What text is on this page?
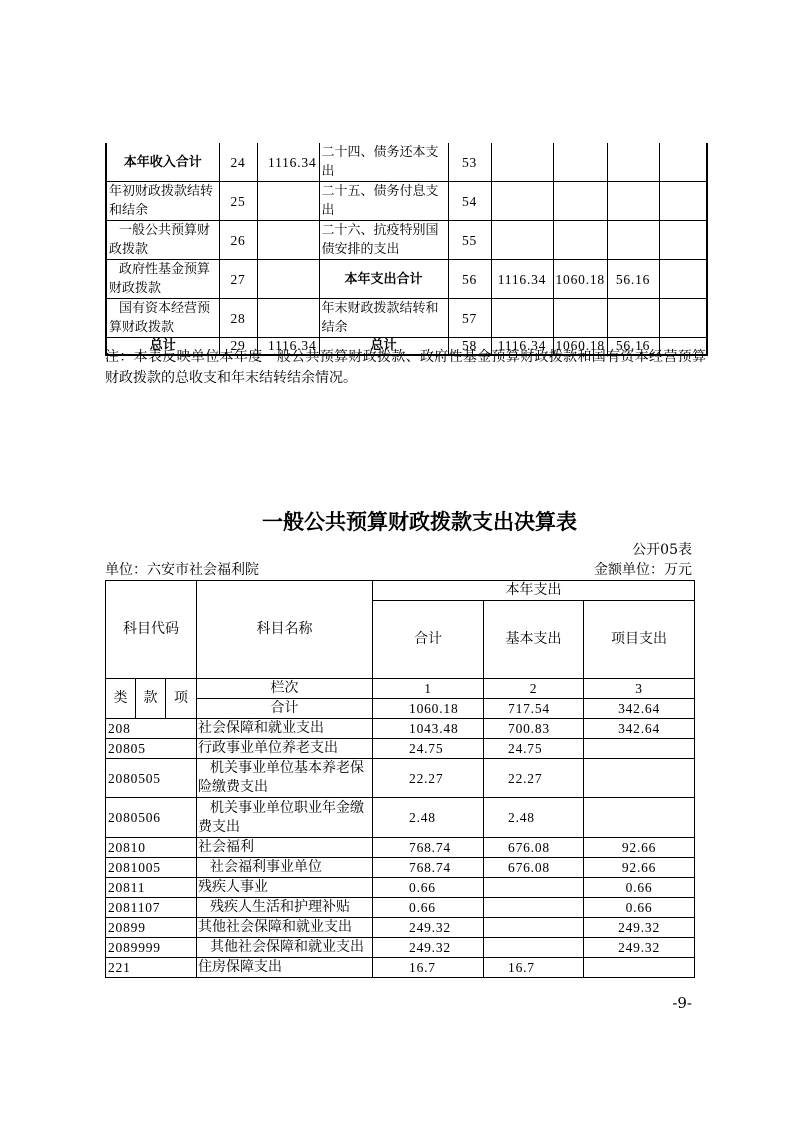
本年收入合计	24	1116.34	二十四、债务还本支出	53				
年初财政拨款结转和结余	25		二十五、债务付息支出	54				
一般公共预算财政拨款	26		二十六、抗疫特别国债安排的支出	55				
政府性基金预算财政拨款	27		本年支出合计	56	1116.34	1060.18	56.16	
国有资本经营预算财政拨款	28		年末财政拨款结转和结余	57				
总计	29	1116.34	总计	58	1116.34	1060.18	56.16	
注：本表反映单位本年度一般公共预算财政拨款、政府性基金预算财政拨款和国有资本经营预算财政拨款的总收支和年末结转结余情况。
一般公共预算财政拨款支出决算表
公开05表
单位：六安市社会福利院	金额单位：万元
科目代码			科目名称	本年支出		
				合计	基本支出	项目支出
类	款	项	栏次	1	2	3
			合计	1060.18	717.54	342.64
208			社会保障和就业支出	1043.48	700.83	342.64
20805			行政事业单位养老支出	24.75	24.75	
2080505			机关事业单位基本养老保险缴费支出	22.27	22.27	
2080506			机关事业单位职业年金缴费支出	2.48	2.48	
20810			社会福利	768.74	676.08	92.66
2081005			社会福利事业单位	768.74	676.08	92.66
20811			残疾人事业	0.66		0.66
2081107			残疾人生活和护理补贴	0.66		0.66
20899			其他社会保障和就业支出	249.32		249.32
2089999			其他社会保障和就业支出	249.32		249.32
221			住房保障支出	16.7	16.7	
-9-
